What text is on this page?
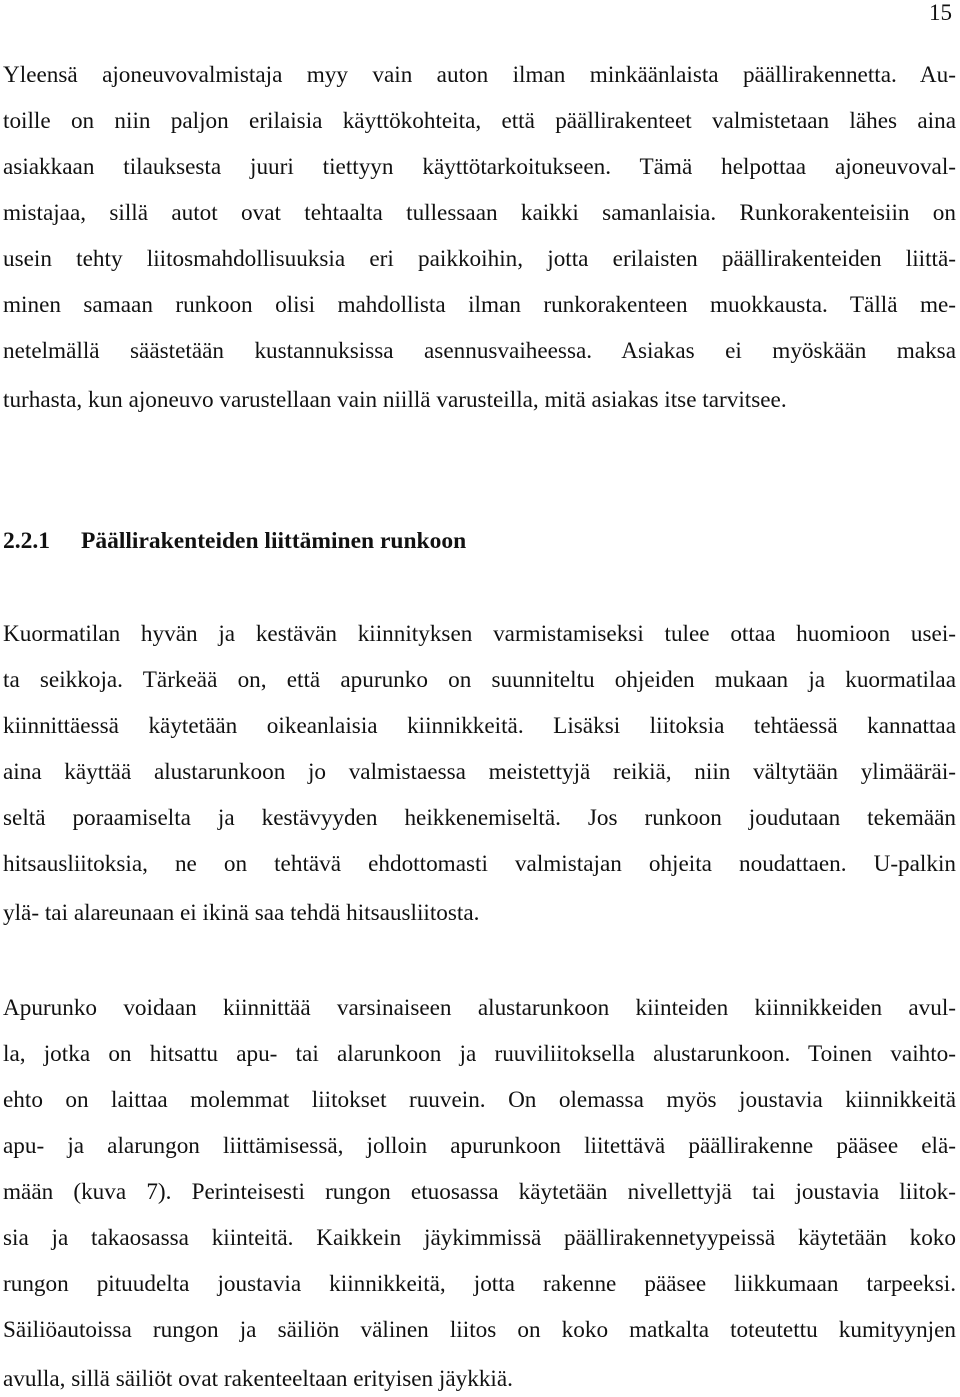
15
Yleensä ajoneuvovalmistaja myy vain auton ilman minkäänlaista päällirakennetta. Au-
toille on niin paljon erilaisia käyttökohteita, että päällirakenteet valmistetaan lähes aina
asiakkaan tilauksesta juuri tiettyyn käyttötarkoitukseen. Tämä helpottaa ajoneuvoval-
mistajaa, sillä autot ovat tehtaalta tullessaan kaikki samanlaisia. Runkorakenteisiin on
usein tehty liitosmahdollisuuksia eri paikkoihin, jotta erilaisten päällirakenteiden liittä-
minen samaan runkoon olisi mahdollista ilman runkorakenteen muokkausta. Tällä me-
netelmällä säästetään kustannuksissa asennusvaiheessa. Asiakas ei myöskään maksa
turhasta, kun ajoneuvo varustellaan vain niillä varusteilla, mitä asiakas itse tarvitsee.
2.2.1 Päällirakenteiden liittäminen runkoon
Kuormatilan hyvän ja kestävän kiinnityksen varmistamiseksi tulee ottaa huomioon usei-
ta seikkoja. Tärkeää on, että apurunko on suunniteltu ohjeiden mukaan ja kuormatilaa
kiinnittäessä käytetään oikeanlaisia kiinnikkeitä. Lisäksi liitoksia tehtäessä kannattaa
aina käyttää alustarunkoon jo valmistaessa meistettyjä reikiä, niin vältytään ylimääräi-
seltä poraamiselta ja kestävyyden heikkenemiseltä. Jos runkoon joudutaan tekemään
hitsausliitoksia, ne on tehtävä ehdottomasti valmistajan ohjeita noudattaen. U-palkin
ylä- tai alareunaan ei ikinä saa tehdä hitsausliitosta.
Apurunko voidaan kiinnittää varsinaiseen alustarunkoon kiinteiden kiinnikkeiden avul-
la, jotka on hitsattu apu- tai alarunkoon ja ruuviliitoksella alustarunkoon. Toinen vaihto-
ehto on laittaa molemmat liitokset ruuvein. On olemassa myös joustavia kiinnikkeitä
apu- ja alarungon liittämisessä, jolloin apurunkoon liitettävä päällirakenne pääsee elä-
mään (kuva 7). Perinteisesti rungon etuosassa käytetään nivellettyjä tai joustavia liitok-
sia ja takaosassa kiinteitä. Kaikkein jäykimmissä päällirakennetyypeissä käytetään koko
rungon pituudelta joustavia kiinnikkeitä, jotta rakenne pääsee liikkumaan tarpeeksi.
Säiliöautoissa rungon ja säiliön välinen liitos on koko matkalta toteutettu kumityynjen
avulla, sillä säiliöt ovat rakenteeltaan erityisen jäykkiä.
